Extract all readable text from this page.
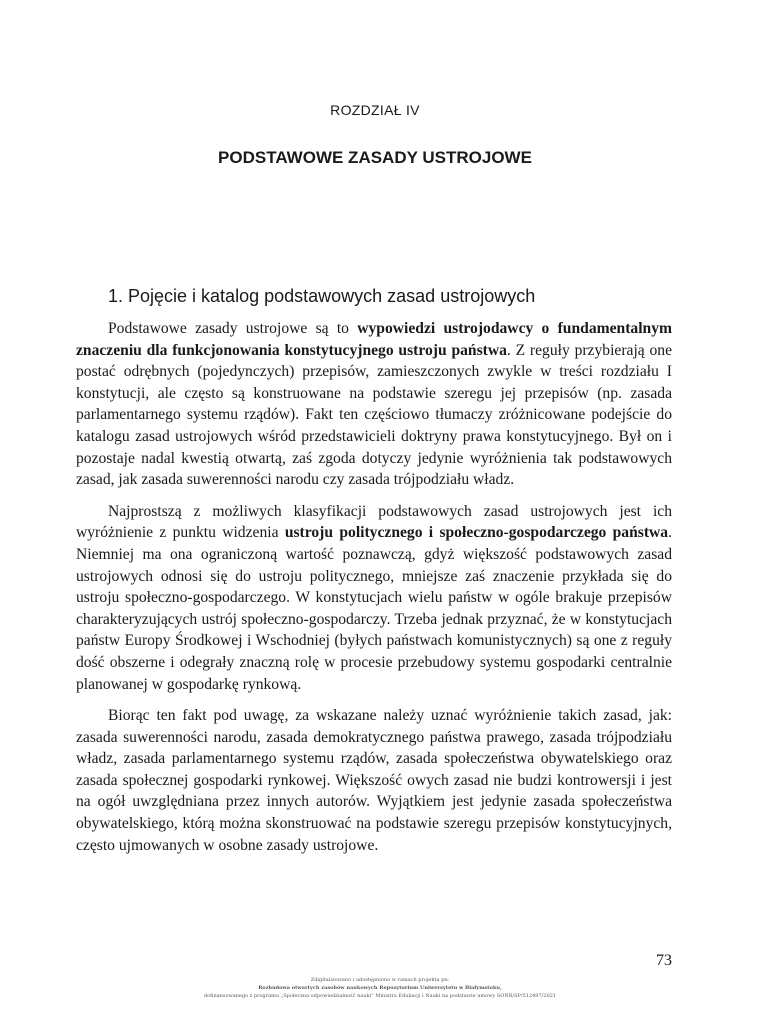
ROZDZIAŁ IV
PODSTAWOWE ZASADY USTROJOWE
1. Pojęcie i katalog podstawowych zasad ustrojowych

Podstawowe zasady ustrojowe są to wypowiedzi ustrojodawcy o fundamentalnym znaczeniu dla funkcjonowania konstytucyjnego ustroju państwa. Z reguły przybierają one postać odrębnych (pojedynczych) przepisów, zamieszczonych zwykle w treści rozdziału I konstytucji, ale często są konstruowane na podstawie szeregu jej przepisów (np. zasada parlamentarnego systemu rządów). Fakt ten częściowo tłumaczy zróżnicowane podejście do katalogu zasad ustrojowych wśród przedstawicieli doktryny prawa konstytucyjnego. Był on i pozostaje nadal kwestią otwartą, zaś zgoda dotyczy jedynie wyróżnienia tak podstawowych zasad, jak zasada suwerenności narodu czy zasada trójpodziału władz.

Najprostszą z możliwych klasyfikacji podstawowych zasad ustrojowych jest ich wyróżnienie z punktu widzenia ustroju politycznego i społeczno-gospodarczego państwa. Niemniej ma ona ograniczoną wartość poznawczą, gdyż większość podstawowych zasad ustrojowych odnosi się do ustroju politycznego, mniejsze zaś znaczenie przykłada się do ustroju społeczno-gospodarczego. W konstytucjach wielu państw w ogóle brakuje przepisów charakteryzujących ustrój społeczno-gospodarczy. Trzeba jednak przyznać, że w konstytucjach państw Europy Środkowej i Wschodniej (byłych państwach komunistycznych) są one z reguły dość obszerne i odegrały znaczną rolę w procesie przebudowy systemu gospodarki centralnie planowanej w gospodarkę rynkową.

Biorąc ten fakt pod uwagę, za wskazane należy uznać wyróżnienie takich zasad, jak: zasada suwerenności narodu, zasada demokratycznego państwa prawego, zasada trójpodziału władz, zasada parlamentarnego systemu rządów, zasada społeczeństwa obywatelskiego oraz zasada społecznej gospodarki rynkowej. Większość owych zasad nie budzi kontrowersji i jest na ogół uwzględniana przez innych autorów. Wyjątkiem jest jedynie zasada społeczeństwa obywatelskiego, którą można skonstruować na podstawie szeregu przepisów konstytucyjnych, często ujmowanych w osobne zasady ustrojowe.

73
Zdigitalizowano i udostępniono w ramach projektu pn.
Rozbudowa otwartych zasobów naukowych Repozytorium Uniwersytetu w Białymstoku,
dofinansowanego z programu „Społeczna odpowiedzialność nauki” Ministra Edukacji i Nauki na podstawie umowy SONB/SP/512497/2021
